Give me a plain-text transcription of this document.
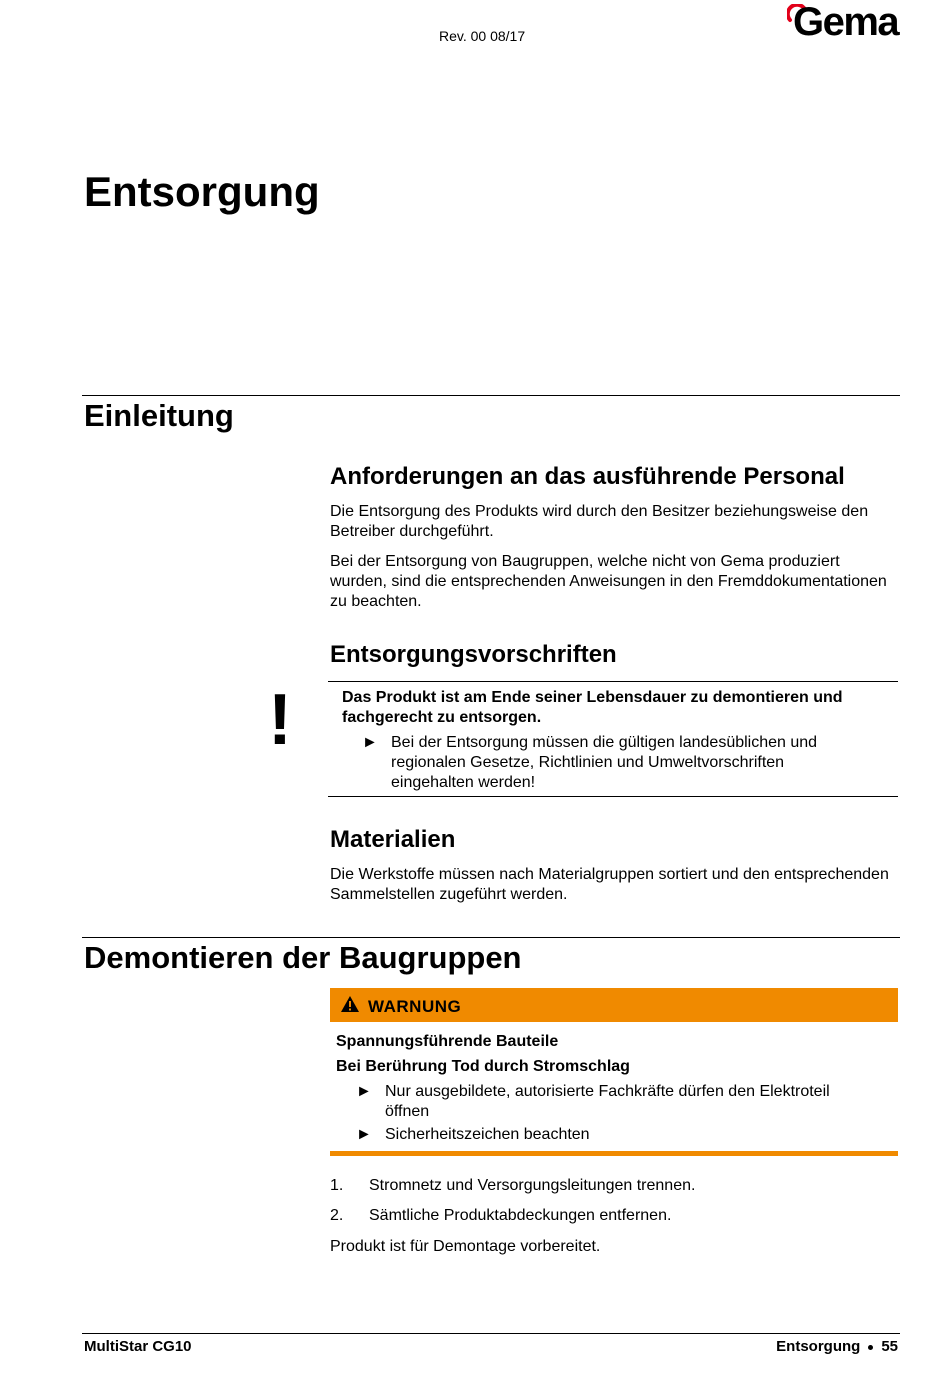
Rev. 00 08/17	Gema
Entsorgung
Einleitung
Anforderungen an das ausführende Personal

Die Entsorgung des Produkts wird durch den Besitzer beziehungsweise den Betreiber durchgeführt.

Bei der Entsorgung von Baugruppen, welche nicht von Gema produziert wurden, sind die entsprechenden Anweisungen in den Fremddokumentationen zu beachten.

Entsorgungsvorschriften
!	Das Produkt ist am Ende seiner Lebensdauer zu demontieren und fachgerecht zu entsorgen.
► Bei der Entsorgung müssen die gültigen landesüblichen und regionalen Gesetze, Richtlinien und Umweltvorschriften eingehalten werden!
Materialien

Die Werkstoffe müssen nach Materialgruppen sortiert und den entsprechenden Sammelstellen zugeführt werden.

Demontieren der Baugruppen
WARNUNG
Spannungsführende Bauteile
Bei Berührung Tod durch Stromschlag
► Nur ausgebildete, autorisierte Fachkräfte dürfen den Elektroteil öffnen
► Sicherheitszeichen beachten
1.	Stromnetz und Versorgungsleitungen trennen.
2.	Sämtliche Produktabdeckungen entfernen.

Produkt ist für Demontage vorbereitet.

MultiStar CG10	Entsorgung 55
